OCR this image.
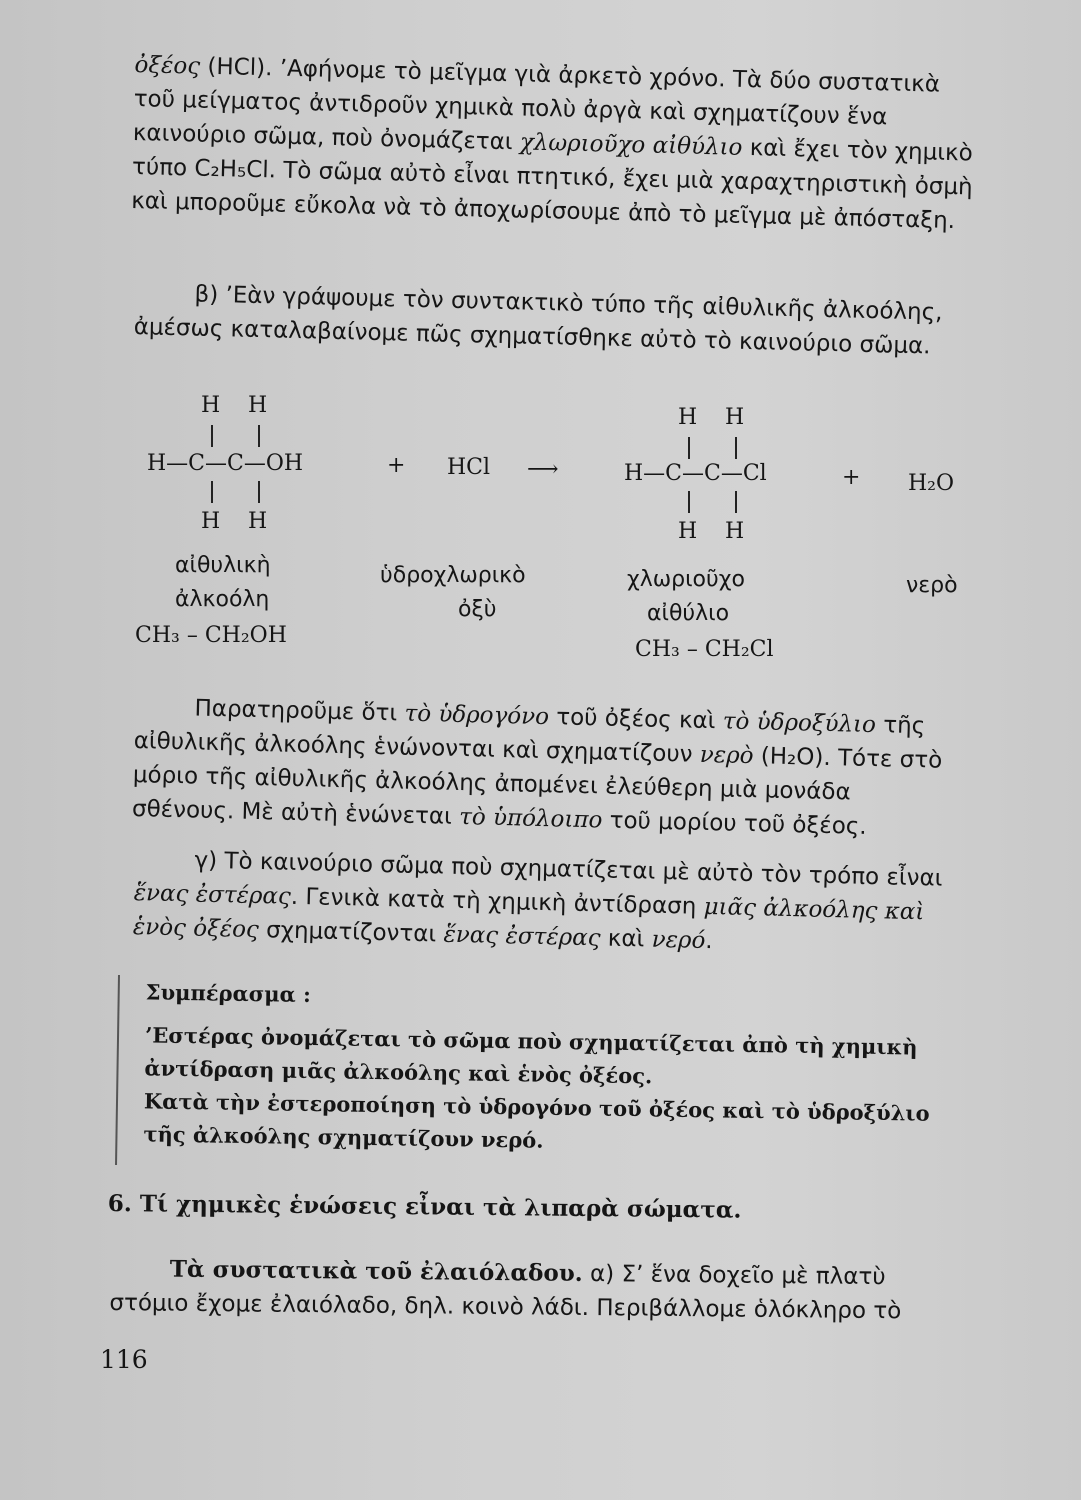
ὀξέος (HCl). ’Αφήνομε τὸ μεῖγμα γιὰ ἀρκετὸ χρόνο. Τὰ δύο συστατικὰ τοῦ μείγματος ἀντιδροῦν χημικὰ πολὺ ἀργὰ καὶ σχηματίζουν ἕνα καινούριο σῶμα, ποὺ ὀνομάζεται χλωριοῦχο αἰθύλιο καὶ ἔχει τὸν χημικὸ τύπο C₂H₅Cl. Τὸ σῶμα αὐτὸ εἶναι πτητικό, ἔχει μιὰ χαραχτηριστικὴ ὀσμὴ καὶ μποροῦμε εὔκολα νὰ τὸ ἀποχωρίσουμε ἀπὸ τὸ μεῖγμα μὲ ἀπόσταξη.
β) ’Εὰν γράψουμε τὸν συντακτικὸ τύπο τῆς αἰθυλικῆς ἀλκοόλης, ἀμέσως καταλαβαίνομε πῶς σχηματίσθηκε αὐτὸ τὸ καινούριο σῶμα.
H H
H—C—C—OH
H H
+ HCl ⟶
H H
H—C—C—Cl
H H
+ H₂O
αἰθυλικὴ
ἀλκοόλη
CH₃ – CH₂OH
ὑδροχλωρικὸ
ὀξὺ
χλωριοῦχο
αἰθύλιο
CH₃ – CH₂Cl
νερὸ
Παρατηροῦμε ὅτι τὸ ὑδρογόνο τοῦ ὀξέος καὶ τὸ ὑδροξύλιο τῆς αἰθυλικῆς ἀλκοόλης ἑνώνονται καὶ σχηματίζουν νερὸ (H₂O). Τότε στὸ μόριο τῆς αἰθυλικῆς ἀλκοόλης ἀπομένει ἐλεύθερη μιὰ μονάδα σθένους. Μὲ αὐτὴ ἑνώνεται τὸ ὑπόλοιπο τοῦ μορίου τοῦ ὀξέος.
γ) Τὸ καινούριο σῶμα ποὺ σχηματίζεται μὲ αὐτὸ τὸν τρόπο εἶναι ἕνας ἐστέρας. Γενικὰ κατὰ τὴ χημικὴ ἀντίδραση μιᾶς ἀλκοόλης καὶ ἑνὸς ὀξέος σχηματίζονται ἕνας ἐστέρας καὶ νερό.
Συμπέρασμα :
’Εστέρας ὀνομάζεται τὸ σῶμα ποὺ σχηματίζεται ἀπὸ τὴ χημικὴ ἀντίδραση μιᾶς ἀλκοόλης καὶ ἑνὸς ὀξέος.
Κατὰ τὴν ἐστεροποίηση τὸ ὑδρογόνο τοῦ ὀξέος καὶ τὸ ὑδροξύλιο τῆς ἀλκοόλης σχηματίζουν νερό.
6. Τί χημικὲς ἑνώσεις εἶναι τὰ λιπαρὰ σώματα.
Τὰ συστατικὰ τοῦ ἐλαιόλαδου. α) Σ’ ἕνα δοχεῖο μὲ πλατὺ στόμιο ἔχομε ἐλαιόλαδο, δηλ. κοινὸ λάδι. Περιβάλλομε ὁλόκληρο τὸ
116
